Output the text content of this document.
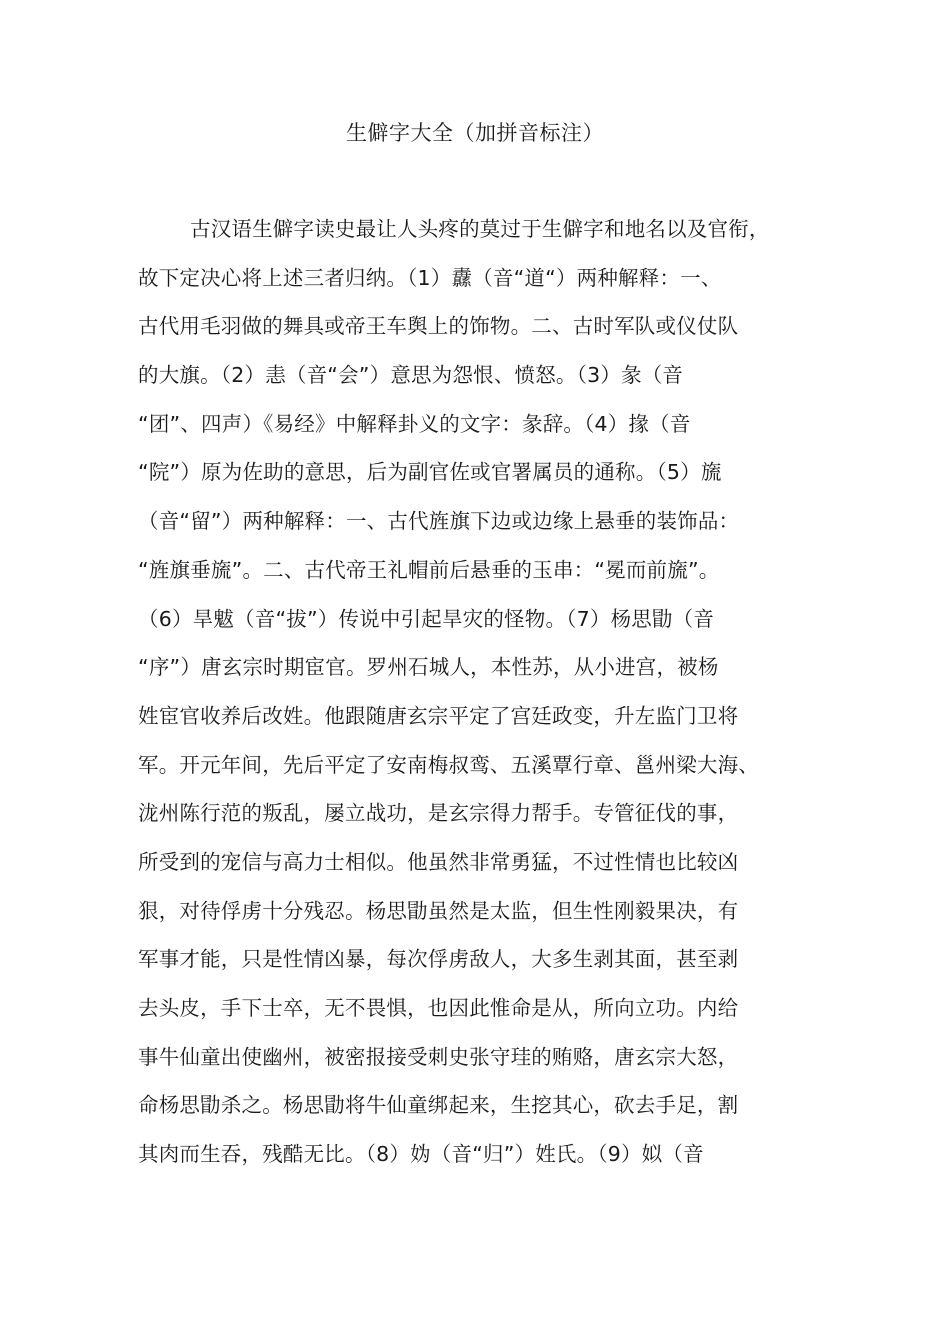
生僻字大全（加拼音标注）
古汉语生僻字读史最让人头疼的莫过于生僻字和地名以及官衔，
故下定决心将上述三者归纳。（1）纛（音“道“）两种解释：一、
古代用毛羽做的舞具或帝王车舆上的饰物。二、古时军队或仪仗队
的大旗。（2）恚（音“会”）意思为怨恨、愤怒。（3）彖（音
“团”、四声）《易经》中解释卦义的文字：彖辞。（4）掾（音
“院”）原为佐助的意思，后为副官佐或官署属员的通称。（5）旒
（音“留”）两种解释：一、古代旌旗下边或边缘上悬垂的装饰品：
“旌旗垂旒”。二、古代帝王礼帽前后悬垂的玉串：“冕而前旒”。
（6）旱魃（音“拔”）传说中引起旱灾的怪物。（7）杨思勖（音
“序”）唐玄宗时期宦官。罗州石城人，本性苏，从小进宫，被杨
姓宦官收养后改姓。他跟随唐玄宗平定了宫廷政变，升左监门卫将
军。开元年间，先后平定了安南梅叔鸾、五溪覃行章、邕州梁大海、
泷州陈行范的叛乱，屡立战功，是玄宗得力帮手。专管征伐的事，
所受到的宠信与高力士相似。他虽然非常勇猛，不过性情也比较凶
狠，对待俘虏十分残忍。杨思勖虽然是太监，但生性刚毅果决，有
军事才能，只是性情凶暴，每次俘虏敌人，大多生剥其面，甚至剥
去头皮，手下士卒，无不畏惧，也因此惟命是从，所向立功。内给
事牛仙童出使幽州，被密报接受刺史张守珪的贿赂，唐玄宗大怒，
命杨思勖杀之。杨思勖将牛仙童绑起来，生挖其心，砍去手足，割
其肉而生吞，残酷无比。（8）妫（音“归”）姓氏。（9）姒（音
